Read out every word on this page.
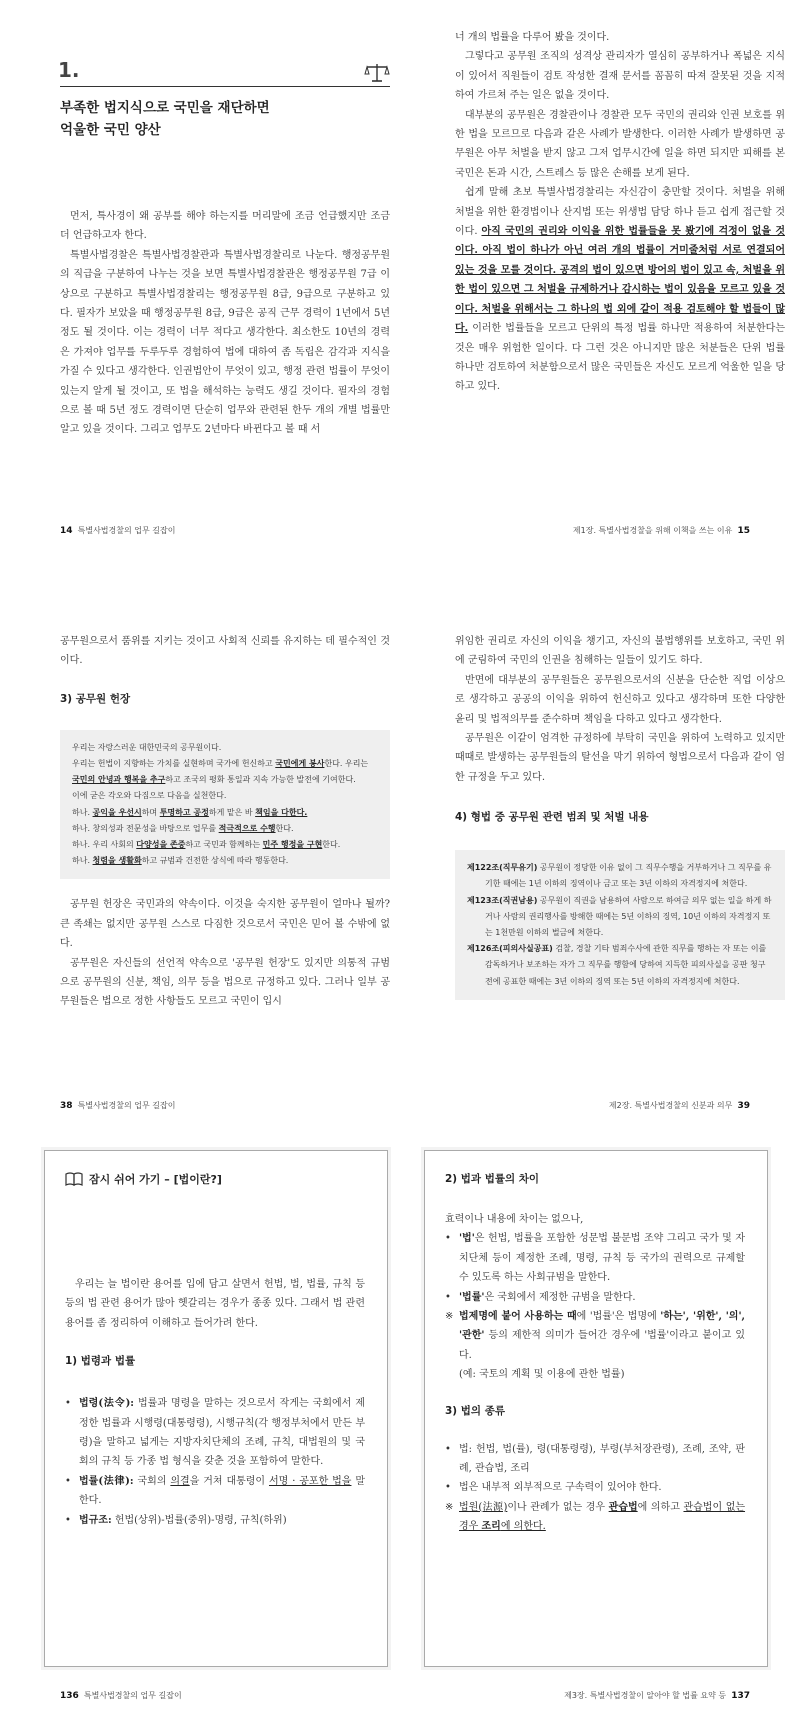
1.
부족한 법지식으로 국민을 재단하면
억울한 국민 양산

먼저, 특사경이 왜 공부를 해야 하는지를 머리말에 조금 언급했지만 조금 더 언급하고자 한다.

특별사법경찰은 특별사법경찰관과 특별사법경찰리로 나눈다. 행정공무원의 직급을 구분하여 나누는 것을 보면 특별사법경찰관은 행정공무원 7급 이상으로 구분하고 특별사법경찰리는 행정공무원 8급, 9급으로 구분하고 있다. 필자가 보았을 때 행정공무원 8급, 9급은 공직 근무 경력이 1년에서 5년 정도 될 것이다. 이는 경력이 너무 적다고 생각한다. 최소한도 10년의 경력은 가져야 업무를 두루두루 경험하여 법에 대하여 좀 독립은 감각과 지식을 가질 수 있다고 생각한다. 인권법안이 무엇이 있고, 행정 관련 법률이 무엇이 있는지 알게 될 것이고, 또 법을 해석하는 능력도 생길 것이다. 필자의 경험으로 볼 때 5년 정도 경력이면 단순히 업무와 관련된 한두 개의 개별 법률만 알고 있을 것이다. 그리고 업무도 2년마다 바뀐다고 볼 때 서

14 특별사법경찰의 업무 길잡이

너 개의 법률을 다루어 봤을 것이다.

그렇다고 공무원 조직의 성격상 관리자가 열심히 공부하거나 폭넓은 지식이 있어서 직원들이 검토 작성한 결재 문서를 꼼꼼히 따져 잘못된 것을 지적하여 가르쳐 주는 일은 없을 것이다.

대부분의 공무원은 경찰관이나 경찰관 모두 국민의 권리와 인권 보호를 위한 법을 모르므로 다음과 같은 사례가 발생한다. 이러한 사례가 발생하면 공무원은 아무 처벌을 받지 않고 그저 업무시간에 일을 하면 되지만 피해를 본 국민은 돈과 시간, 스트레스 등 많은 손해를 보게 된다.

쉽게 말해 초보 특별사법경찰리는 자신감이 충만할 것이다. 처벌을 위해 처벌을 위한 환경법이나 산지법 또는 위생법 담당 하나 듣고 쉽게 접근할 것이다. 아직 국민의 권리와 이익을 위한 법률들을 못 봤기에 걱정이 없을 것이다. 아직 법이 하나가 아닌 여러 개의 법률이 거미줄처럼 서로 연결되어 있는 것을 모를 것이다. 공격의 법이 있으면 방어의 법이 있고 속, 처벌을 위한 법이 있으면 그 처벌을 규제하거나 감시하는 법이 있음을 모르고 있을 것이다. 처벌을 위해서는 그 하나의 법 외에 같이 적용 검토해야 할 법들이 많다. 이러한 법률들을 모르고 단위의 특정 법률 하나만 적용하여 처분한다는 것은 매우 위험한 일이다. 다 그런 것은 아니지만 많은 처분들은 단위 법률 하나만 검토하여 처분함으로서 많은 국민들은 자신도 모르게 억울한 일을 당하고 있다.

제1장. 특별사법경찰을 위해 이책을 쓰는 이유 15

공무원으로서 품위를 지키는 것이고 사회적 신뢰를 유지하는 데 필수적인 것이다.

3) 공무원 헌장
우리는 자랑스러운 대한민국의 공무원이다.
우리는 헌법이 지향하는 가치를 실현하며 국가에 헌신하고 국민에게 봉사한다. 우리는 국민의 안녕과 행복을 추구하고 조국의 평화 통일과 지속 가능한 발전에 기여한다.
이에 굳은 각오와 다짐으로 다음을 실천한다.
하나. 공익을 우선시하며 투명하고 공정하게 맡은 바 책임을 다한다.
하나. 창의성과 전문성을 바탕으로 업무를 적극적으로 수행한다.
하나. 우리 사회의 다양성을 존중하고 국민과 함께하는 민주 행정을 구현한다.
하나. 청렴을 생활화하고 규범과 건전한 상식에 따라 행동한다.

공무원 헌장은 국민과의 약속이다. 이것을 숙지한 공무원이 얼마나 될까? 큰 족쇄는 없지만 공무원 스스로 다짐한 것으로서 국민은 믿어 볼 수밖에 없다.

공무원은 자신들의 선언적 약속으로 '공무원 헌장'도 있지만 의통적 규범으로 공무원의 신분, 책임, 의무 등을 법으로 규정하고 있다. 그러나 일부 공무원들은 법으로 정한 사항들도 모르고 국민이 입시

38 특별사법경찰의 업무 길잡이

위임한 권리로 자신의 이익을 챙기고, 자신의 불법행위를 보호하고, 국민 위에 군림하여 국민의 인권을 침해하는 일들이 있기도 하다.

반면에 대부분의 공무원들은 공무원으로서의 신분을 단순한 직업 이상으로 생각하고 공공의 이익을 위하여 헌신하고 있다고 생각하며 또한 다양한 윤리 및 법적의무를 준수하며 책임을 다하고 있다고 생각한다.

공무원은 이같이 엄격한 규정하에 부탁히 국민을 위하여 노력하고 있지만 때때로 발생하는 공무원들의 탈선을 막기 위하여 형법으로서 다음과 같이 엄한 규정을 두고 있다.

4) 형법 중 공무원 관련 범죄 및 처벌 내용
제122조(직무유기) 공무원이 정당한 이유 없이 그 직무수행을 거부하거나 그 직무를 유기한 때에는 1년 이하의 징역이나 금고 또는 3년 이하의 자격정지에 처한다.
제123조(직권남용) 공무원이 직권을 남용하여 사람으로 하여금 의무 없는 일을 하게 하거나 사람의 권리행사를 방해한 때에는 5년 이하의 징역, 10년 이하의 자격정지 또는 1천만원 이하의 벌금에 처한다.
제126조(피의사실공표) 검찰, 경찰 기타 범죄수사에 관한 직무를 행하는 자 또는 이를 감독하거나 보조하는 자가 그 직무를 행함에 당하여 지득한 피의사실을 공판 청구 전에 공표한 때에는 3년 이하의 징역 또는 5년 이하의 자격정지에 처한다.
제2장. 특별사법경찰의 신분과 의무 39
잠시 쉬어 가기 – [법이란?]

우리는 늘 법이란 용어를 입에 담고 살면서 헌법, 법, 법률, 규칙 등등의 법 관련 용어가 많아 헷갈리는 경우가 종종 있다. 그래서 법 관련 용어를 좀 정리하여 이해하고 들어가려 한다.

1) 법령과 법률
• 법령(法令): 법률과 명령을 말하는 것으로서 작게는 국회에서 제정한 법률과 시행령(대통령령), 시행규칙(각 행정부처에서 만든 부령)을 말하고 넓게는 지방자치단체의 조례, 규칙, 대법원의 및 국회의 규칙 등 가종 법 형식을 갖춘 것을 포함하여 말한다.
• 법률(法律): 국회의 의결을 거쳐 대통령이 서명 · 공포한 법을 말한다.
• 법규조: 헌법(상위)-법률(중위)-명령, 규칙(하위)
136 특별사법경찰의 업무 길잡이
2) 법과 법률의 차이

효력이나 내용에 차이는 없으나,

• '법'은 헌법, 법률을 포함한 성문법 불문법 조약 그리고 국가 및 자치단체 등이 제정한 조례, 명령, 규칙 등 국가의 권력으로 규제할 수 있도록 하는 사회규범을 말한다.
• '법률'은 국회에서 제정한 규범을 말한다.
※ 법제명에 붙어 사용하는 때에 '법률'은 법명에 '하는', '위한', '의', '관한' 등의 제한적 의미가 들어간 경우에 '법률'이라고 붙이고 있다.
(예: 국토의 계획 및 이용에 관한 법률)
3) 법의 종류
• 법: 헌법, 법(률), 령(대통령령), 부령(부처장관령), 조례, 조약, 판례, 관습법, 조리
• 법은 내부적 외부적으로 구속력이 있어야 한다.
※ 법원(法源)이나 관례가 없는 경우 관습법에 의하고 관습법이 없는 경우 조리에 의한다.
제3장. 특별사법경찰이 알아야 할 법률 요약 등 137
